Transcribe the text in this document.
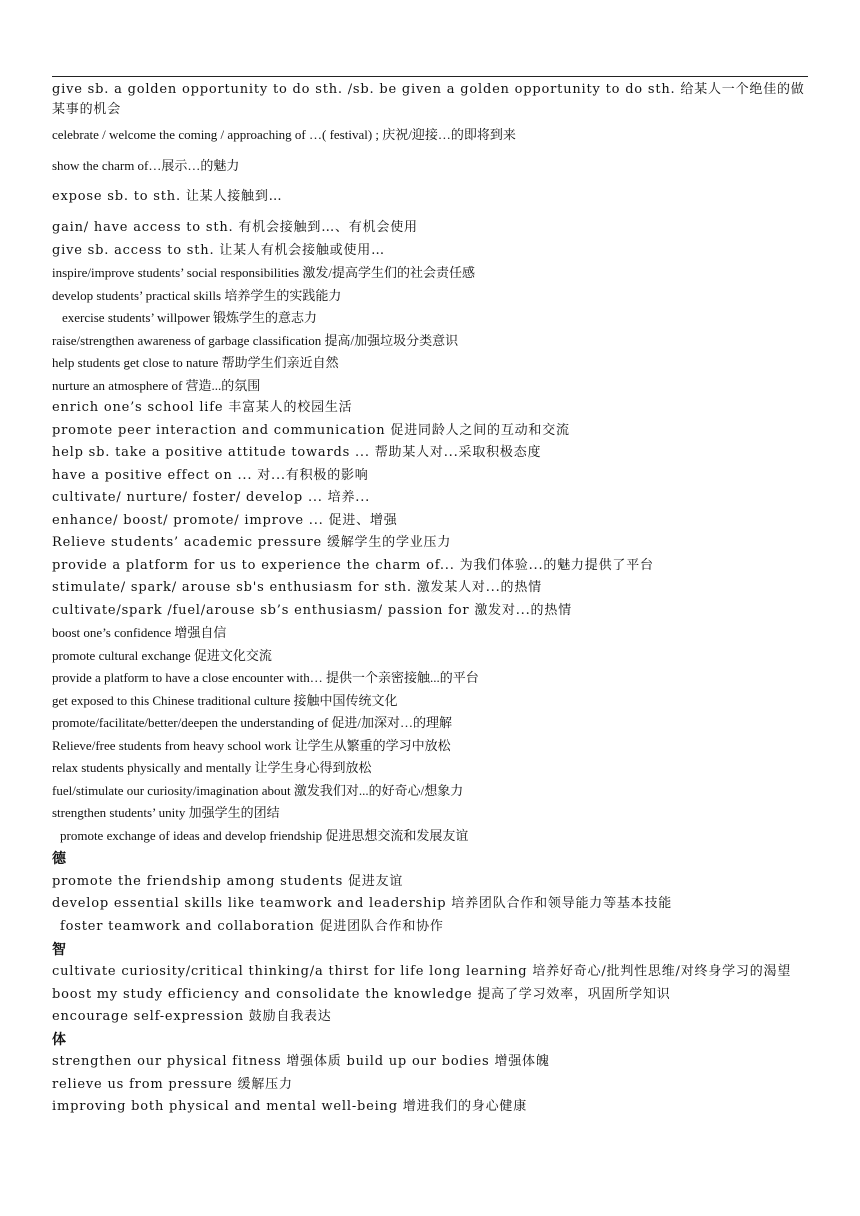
give sb. a golden opportunity to do sth. /sb. be given a golden opportunity to do sth. 给某人一个绝佳的做某事的机会
celebrate / welcome the coming / approaching of …( festival) ; 庆祝/迎接…的即将到来
show the charm of…展示…的魅力
expose sb. to sth. 让某人接触到…
gain/ have access to sth. 有机会接触到…、有机会使用
give sb. access to sth. 让某人有机会接触或使用…
inspire/improve students’ social responsibilities 激发/提高学生们的社会责任感
develop students’ practical skills 培养学生的实践能力
exercise students’ willpower 锻炼学生的意志力
raise/strengthen awareness of garbage classification 提高/加强垃圾分类意识
help students get close to nature 帮助学生们亲近自然
nurture an atmosphere of 营造...的氛围
enrich one’s school life 丰富某人的校园生活
promote peer interaction and communication 促进同龄人之间的互动和交流
help sb. take a positive attitude towards ... 帮助某人对...采取积极态度
have a positive effect on ... 对...有积极的影响
cultivate/ nurture/ foster/ develop ... 培养...
enhance/ boost/ promote/ improve ... 促进、增强
Relieve students’ academic pressure 缓解学生的学业压力
provide a platform for us to experience the charm of... 为我们体验...的魅力提供了平台
stimulate/ spark/ arouse sb's enthusiasm for sth. 激发某人对...的热情
cultivate/spark /fuel/arouse sb’s enthusiasm/ passion for 激发对...的热情
boost one’s confidence 增强自信
promote cultural exchange 促进文化交流
provide a platform to have a close encounter with… 提供一个亲密接触...的平台
get exposed to this Chinese traditional culture 接触中国传统文化
promote/facilitate/better/deepen the understanding of 促进/加深对…的理解
Relieve/free students from heavy school work 让学生从繁重的学习中放松
relax students physically and mentally 让学生身心得到放松
fuel/stimulate our curiosity/imagination about 激发我们对...的好奇心/想象力
strengthen students’ unity 加强学生的团结
promote exchange of ideas and develop friendship 促进思想交流和发展友谊
德
promote the friendship among students 促进友谊
develop essential skills like teamwork and leadership 培养团队合作和领导能力等基本技能
foster teamwork and collaboration 促进团队合作和协作
智
cultivate curiosity/critical thinking/a thirst for life long learning 培养好奇心/批判性思维/对终身学习的渴望
boost my study efficiency and consolidate the knowledge 提高了学习效率，巩固所学知识
encourage self-expression 鼓励自我表达
体
strengthen our physical fitness 增强体质 build up our bodies 增强体魄
relieve us from pressure 缓解压力
improving both physical and mental well-being 增进我们的身心健康
